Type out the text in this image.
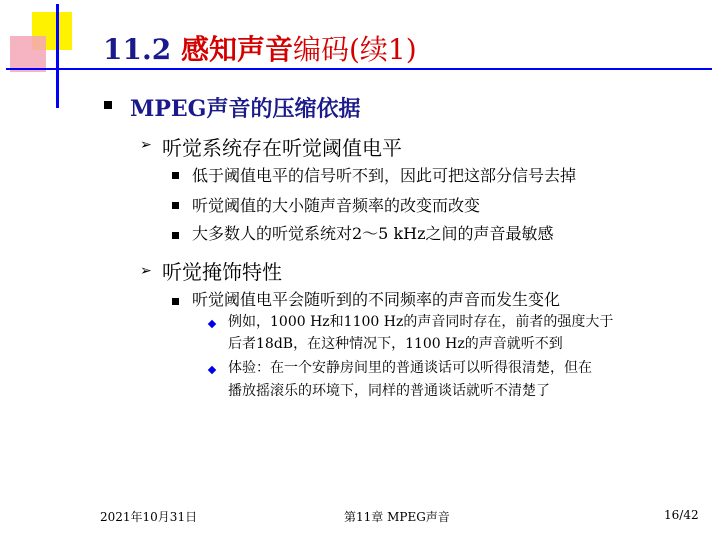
11.2 感知声音编码(续1)
MPEG声音的压缩依据
➢ 听觉系统存在听觉阈值电平
低于阈值电平的信号听不到，因此可把这部分信号去掉
听觉阈值的大小随声音频率的改变而改变
大多数人的听觉系统对2～5 kHz之间的声音最敏感
➢ 听觉掩饰特性
听觉阈值电平会随听到的不同频率的声音而发生变化
例如，1000 Hz和1100 Hz的声音同时存在，前者的强度大于
后者18dB，在这种情况下，1100 Hz的声音就听不到
体验：在一个安静房间里的普通谈话可以听得很清楚，但在
播放摇滚乐的环境下，同样的普通谈话就听不清楚了
2021年10月31日	第11章 MPEG声音	16/42
